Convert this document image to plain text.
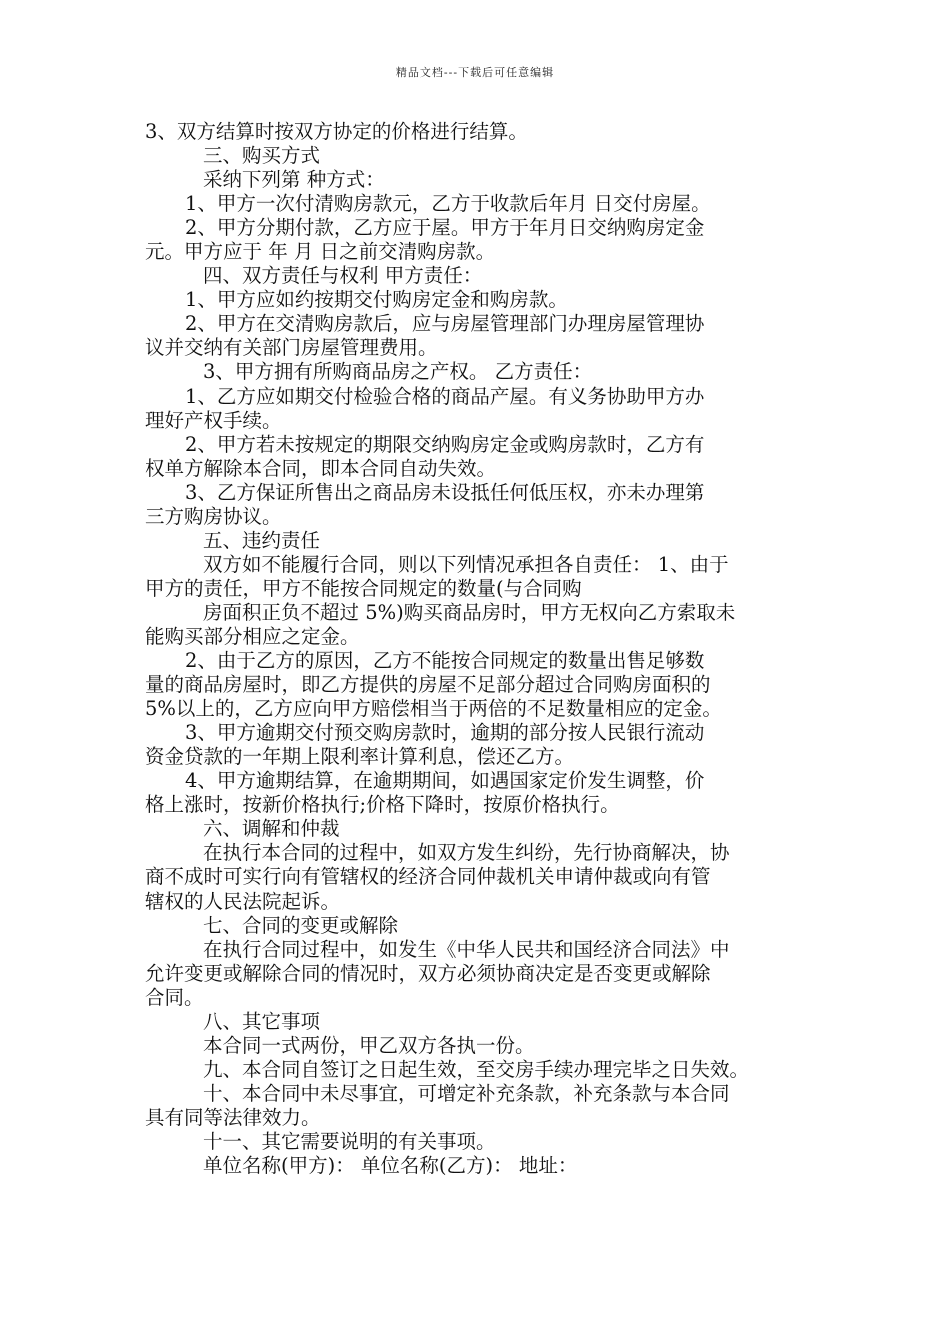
精品文档---下载后可任意编辑
3、双方结算时按双方协定的价格进行结算。
三、购买方式
采纳下列第 种方式：
1、甲方一次付清购房款元，乙方于收款后年月 日交付房屋。
2、甲方分期付款，乙方应于屋。甲方于年月日交纳购房定金
元。甲方应于 年 月 日之前交清购房款。
四、双方责任与权利 甲方责任：
1、甲方应如约按期交付购房定金和购房款。
2、甲方在交清购房款后，应与房屋管理部门办理房屋管理协
议并交纳有关部门房屋管理费用。
3、甲方拥有所购商品房之产权。 乙方责任：
1、乙方应如期交付检验合格的商品产屋。有义务协助甲方办
理好产权手续。
2、甲方若未按规定的期限交纳购房定金或购房款时，乙方有
权单方解除本合同，即本合同自动失效。
3、乙方保证所售出之商品房未设抵任何低压权，亦未办理第
三方购房协议。
五、违约责任
双方如不能履行合同，则以下列情况承担各自责任： 1、由于
甲方的责任，甲方不能按合同规定的数量(与合同购
房面积正负不超过 5%)购买商品房时，甲方无权向乙方索取未
能购买部分相应之定金。
2、由于乙方的原因，乙方不能按合同规定的数量出售足够数
量的商品房屋时，即乙方提供的房屋不足部分超过合同购房面积的
5%以上的，乙方应向甲方赔偿相当于两倍的不足数量相应的定金。
3、甲方逾期交付预交购房款时，逾期的部分按人民银行流动
资金贷款的一年期上限利率计算利息，偿还乙方。
4、甲方逾期结算，在逾期期间，如遇国家定价发生调整，价
格上涨时，按新价格执行;价格下降时，按原价格执行。
六、调解和仲裁
在执行本合同的过程中，如双方发生纠纷，先行协商解决，协
商不成时可实行向有管辖权的经济合同仲裁机关申请仲裁或向有管
辖权的人民法院起诉。
七、合同的变更或解除
在执行合同过程中，如发生《中华人民共和国经济合同法》中
允许变更或解除合同的情况时，双方必须协商决定是否变更或解除
合同。
八、其它事项
本合同一式两份，甲乙双方各执一份。
九、本合同自签订之日起生效，至交房手续办理完毕之日失效。
十、本合同中未尽事宜，可增定补充条款，补充条款与本合同
具有同等法律效力。
十一、其它需要说明的有关事项。
单位名称(甲方)： 单位名称(乙方)： 地址：
